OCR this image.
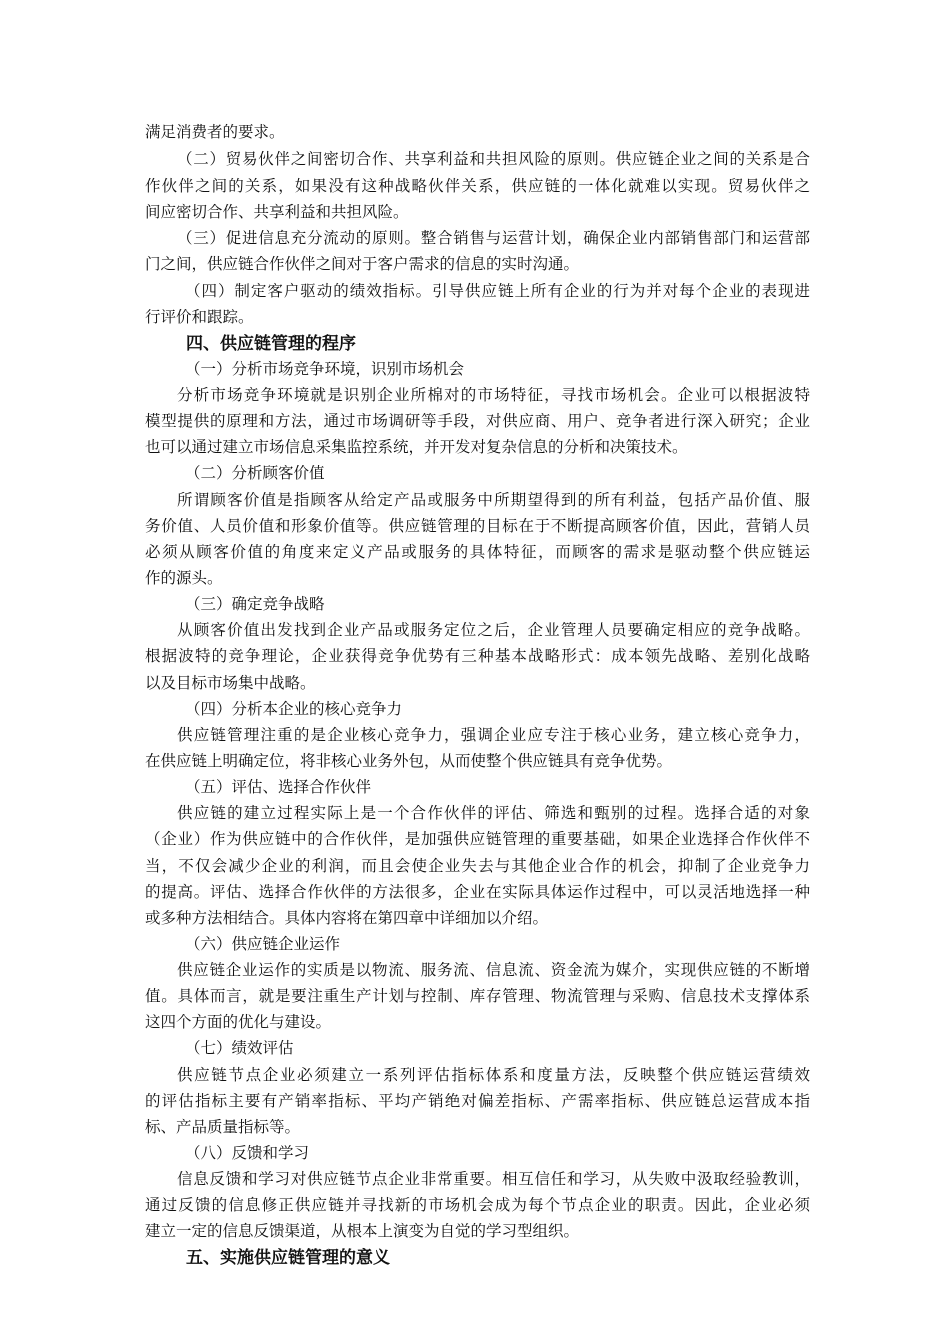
满足消费者的要求。
（二）贸易伙伴之间密切合作、共享利益和共担风险的原则。供应链企业之间的关系是合
作伙伴之间的关系，如果没有这种战略伙伴关系，供应链的一体化就难以实现。贸易伙伴之
间应密切合作、共享利益和共担风险。
（三）促进信息充分流动的原则。整合销售与运营计划，确保企业内部销售部门和运营部
门之间，供应链合作伙伴之间对于客户需求的信息的实时沟通。
（四）制定客户驱动的绩效指标。引导供应链上所有企业的行为并对每个企业的表现进
行评价和跟踪。
四、供应链管理的程序
（一）分析市场竞争环境，识别市场机会
分析市场竞争环境就是识别企业所棉对的市场特征，寻找市场机会。企业可以根据波特
模型提供的原理和方法，通过市场调研等手段，对供应商、用户、竞争者进行深入研究；企业
也可以通过建立市场信息采集监控系统，并开发对复杂信息的分析和决策技术。
（二）分析顾客价值
所谓顾客价值是指顾客从给定产品或服务中所期望得到的所有利益，包括产品价值、服
务价值、人员价值和形象价值等。供应链管理的目标在于不断提高顾客价值，因此，营销人员
必须从顾客价值的角度来定义产品或服务的具体特征，而顾客的需求是驱动整个供应链运
作的源头。
（三）确定竞争战略
从顾客价值出发找到企业产品或服务定位之后，企业管理人员要确定相应的竞争战略。
根据波特的竞争理论，企业获得竞争优势有三种基本战略形式：成本领先战略、差别化战略
以及目标市场集中战略。
（四）分析本企业的核心竞争力
供应链管理注重的是企业核心竞争力，强调企业应专注于核心业务，建立核心竞争力，
在供应链上明确定位，将非核心业务外包，从而使整个供应链具有竞争优势。
（五）评估、选择合作伙伴
供应链的建立过程实际上是一个合作伙伴的评估、筛选和甄别的过程。选择合适的对象
（企业）作为供应链中的合作伙伴，是加强供应链管理的重要基础，如果企业选择合作伙伴不
当，不仅会减少企业的利润，而且会使企业失去与其他企业合作的机会，抑制了企业竞争力
的提高。评估、选择合作伙伴的方法很多，企业在实际具体运作过程中，可以灵活地选择一种
或多种方法相结合。具体内容将在第四章中详细加以介绍。
（六）供应链企业运作
供应链企业运作的实质是以物流、服务流、信息流、资金流为媒介，实现供应链的不断增
值。具体而言，就是要注重生产计划与控制、库存管理、物流管理与采购、信息技术支撑体系
这四个方面的优化与建设。
（七）绩效评估
供应链节点企业必须建立一系列评估指标体系和度量方法，反映整个供应链运营绩效
的评估指标主要有产销率指标、平均产销绝对偏差指标、产需率指标、供应链总运营成本指
标、产品质量指标等。
（八）反馈和学习
信息反馈和学习对供应链节点企业非常重要。相互信任和学习，从失败中汲取经验教训，
通过反馈的信息修正供应链并寻找新的市场机会成为每个节点企业的职责。因此，企业必须
建立一定的信息反馈渠道，从根本上演变为自觉的学习型组织。
五、实施供应链管理的意义
